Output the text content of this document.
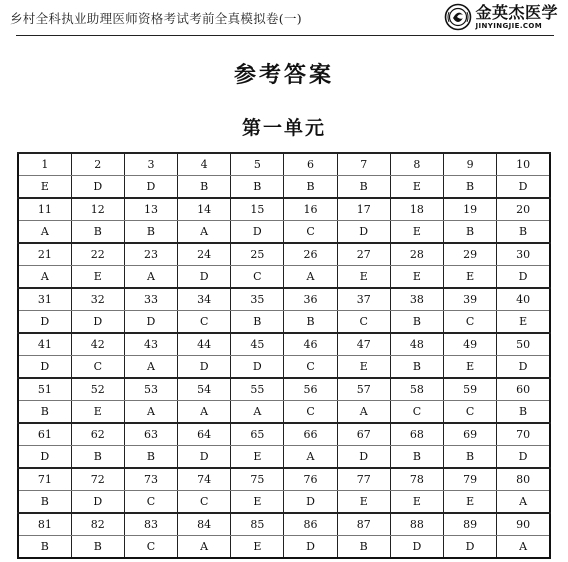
乡村全科执业助理医师资格考试考前全真模拟卷(一)	金英杰医学
JINYINGJIE.COM
参考答案
第一单元
1	2	3	4	5	6	7	8	9	10
E	D	D	B	B	B	B	E	B	D
11	12	13	14	15	16	17	18	19	20
A	B	B	A	D	C	D	E	B	B
21	22	23	24	25	26	27	28	29	30
A	E	A	D	C	A	E	E	E	D
31	32	33	34	35	36	37	38	39	40
D	D	D	C	B	B	C	B	C	E
41	42	43	44	45	46	47	48	49	50
D	C	A	D	D	C	E	B	E	D
51	52	53	54	55	56	57	58	59	60
B	E	A	A	A	C	A	C	C	B
61	62	63	64	65	66	67	68	69	70
D	B	B	D	E	A	D	B	B	D
71	72	73	74	75	76	77	78	79	80
B	D	C	C	E	D	E	E	E	A
81	82	83	84	85	86	87	88	89	90
B	B	C	A	E	D	B	D	D	A
